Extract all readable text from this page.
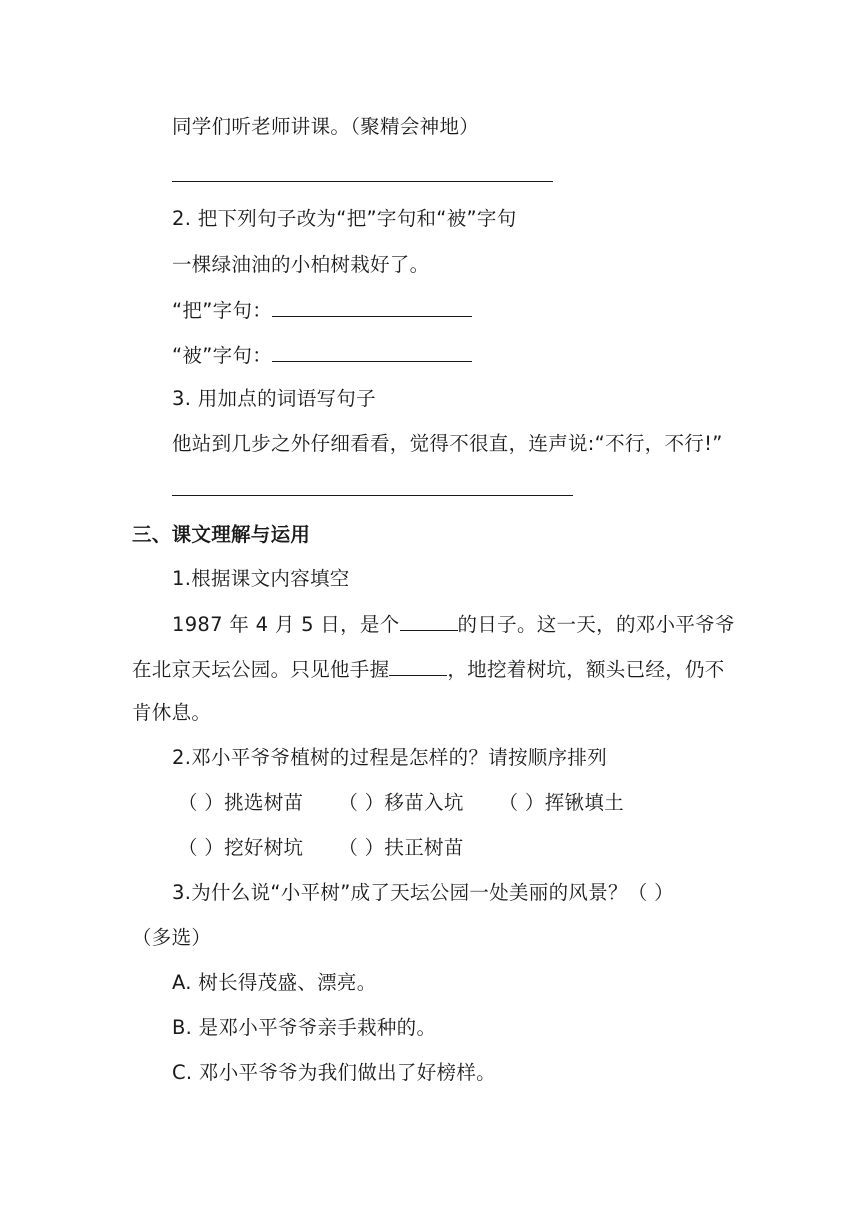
同学们听老师讲课。（聚精会神地）
2. 把下列句子改为“把”字句和“被”字句
一棵绿油油的小柏树栽好了。
“把”字句：
“被”字句：
3. 用加点的词语写句子
他站到几步之外仔细看看，觉得不很直，连声说:“不行，不行!”
三、课文理解与运用
1.根据课文内容填空
1987 年 4 月 5 日，是个	的日子。这一天，的邓小平爷爷
在北京天坛公园。只见他手握	，地挖着树坑，额头已经，仍不
肯休息。
2.邓小平爷爷植树的过程是怎样的？请按顺序排列
（ ）挑选树苗 （ ）移苗入坑 （ ）挥锹填土
（ ）挖好树坑 （ ）扶正树苗
3.为什么说“小平树”成了天坛公园一处美丽的风景？（ ）
（多选）
A. 树长得茂盛、漂亮。
B. 是邓小平爷爷亲手栽种的。
C. 邓小平爷爷为我们做出了好榜样。
